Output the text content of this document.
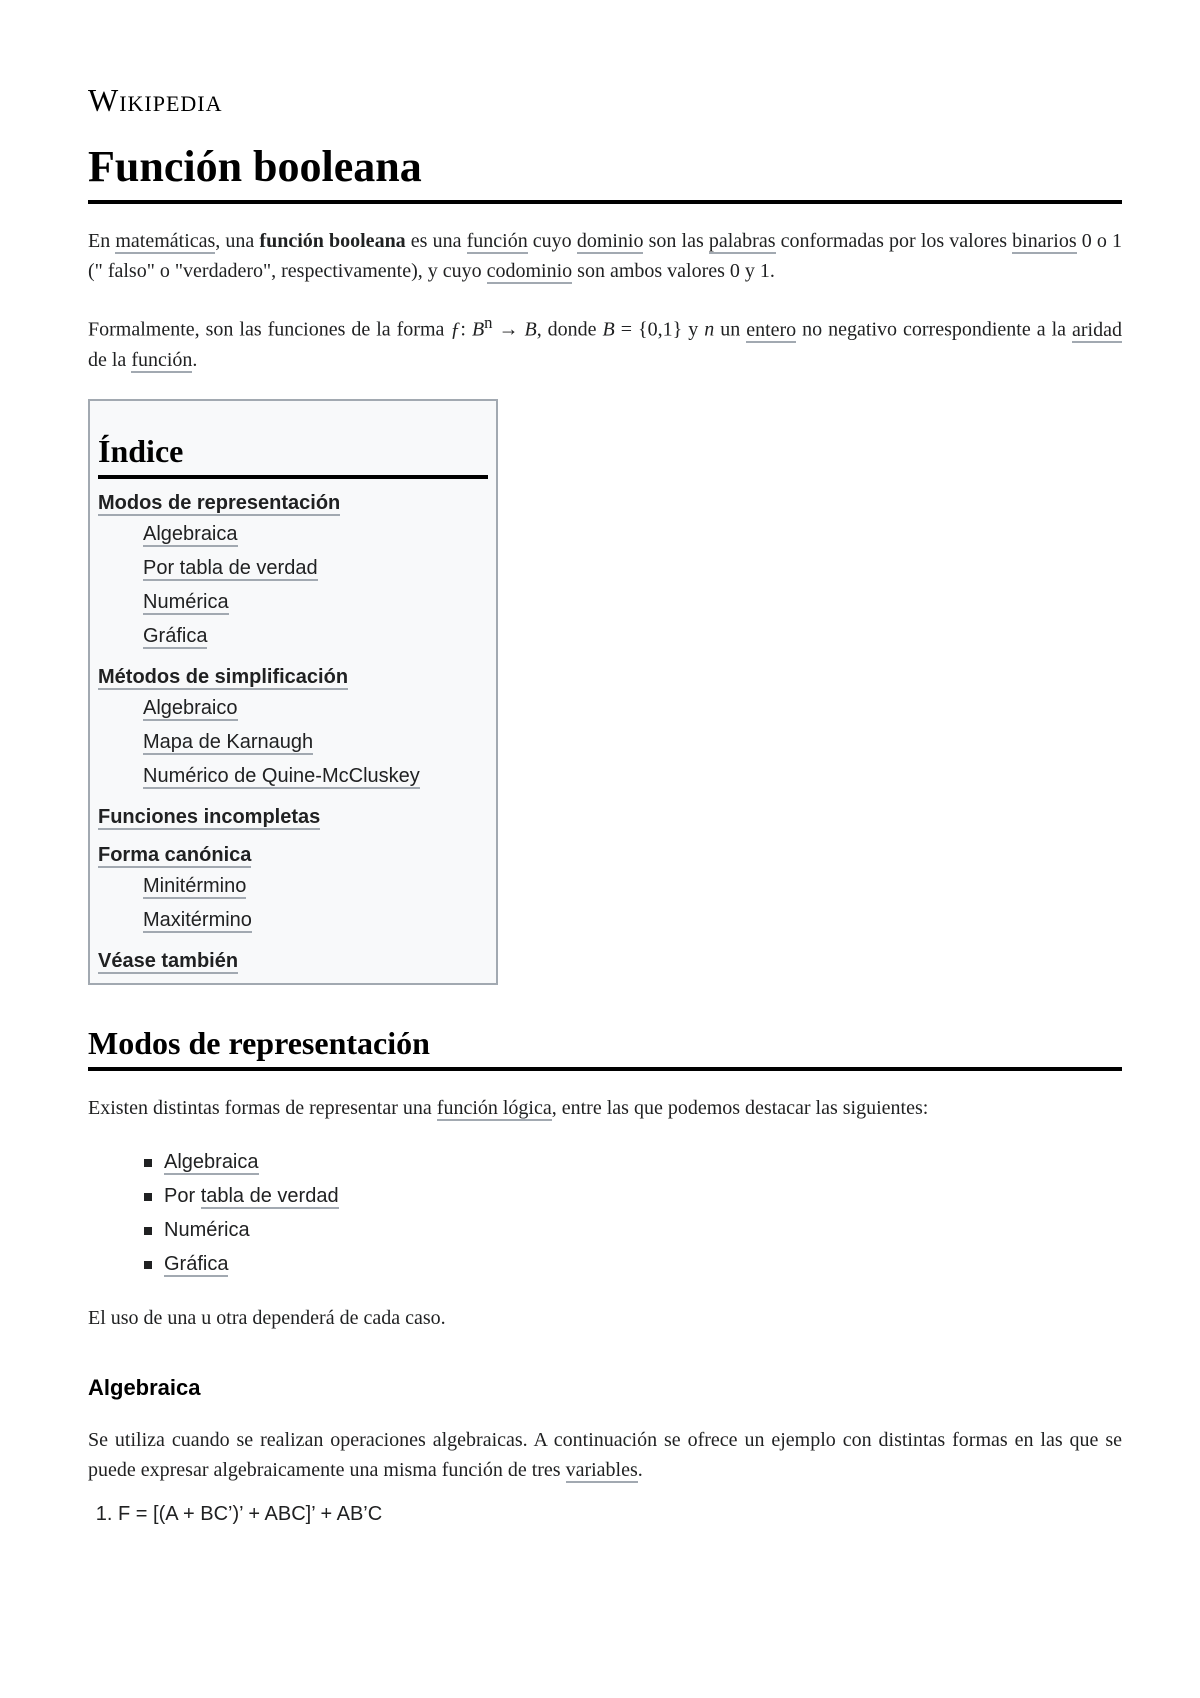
Wikipedia
Función booleana

En matemáticas, una función booleana es una función cuyo dominio son las palabras conformadas por los valores binarios 0 o 1 (" falso" o "verdadero", respectivamente), y cuyo codominio son ambos valores 0 y 1.

Formalmente, son las funciones de la forma ƒ: $B^n \to B$, donde B = {0,1} y n un entero no negativo correspondiente a la aridad de la función.

Índice
Modos de representación
Algebraica
Por tabla de verdad
Numérica
Gráfica
Métodos de simplificación
Algebraico
Mapa de Karnaugh
Numérico de Quine-McCluskey
Funciones incompletas
Forma canónica
Minitérmino
Maxitérmino
Véase también
Modos de representación

Existen distintas formas de representar una función lógica, entre las que podemos destacar las siguientes:

Algebraica
Por tabla de verdad
Numérica
Gráfica

El uso de una u otra dependerá de cada caso.

Algebraica

Se utiliza cuando se realizan operaciones algebraicas. A continuación se ofrece un ejemplo con distintas formas en las que se puede expresar algebraicamente una misma función de tres variables.

1. F = [(A + BC’)’ + ABC]’ + AB’C
